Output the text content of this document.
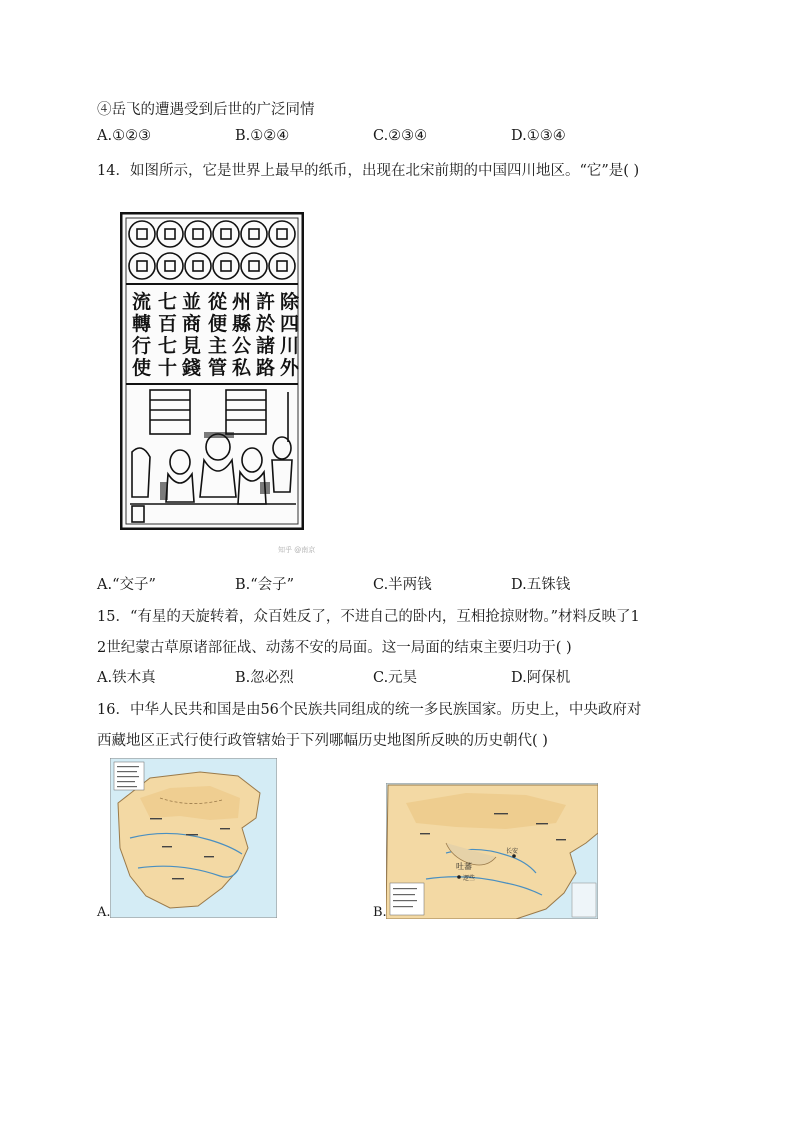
④岳飞的遭遇受到后世的广泛同情
A.①②③	B.①②④	C.②③④	D.①③④
14．如图所示，它是世界上最早的纸币，出现在北宋前期的中国四川地区。“它”是( )
除
四
川
外
許
於
諸
路
州
縣
公
私
從
便
主
管
並
商
見
錢
七
百
七
十
流
轉
行
使
知乎 @南京
A.“交子”	B.“会子”	C.半两钱	D.五铢钱
15．“有星的天旋转着，众百姓反了，不进自己的卧内，互相抢掠财物。”材料反映了1
2世纪蒙古草原诸部征战、动荡不安的局面。这一局面的结束主要归功于( )
A.铁木真	B.忽必烈	C.元昊	D.阿保机
16．中华人民共和国是由56个民族共同组成的统一多民族国家。历史上，中央政府对
西藏地区正式行使行政管辖始于下列哪幅历史地图所反映的历史朝代( )
A.
吐蕃
逻些
长安
B.
